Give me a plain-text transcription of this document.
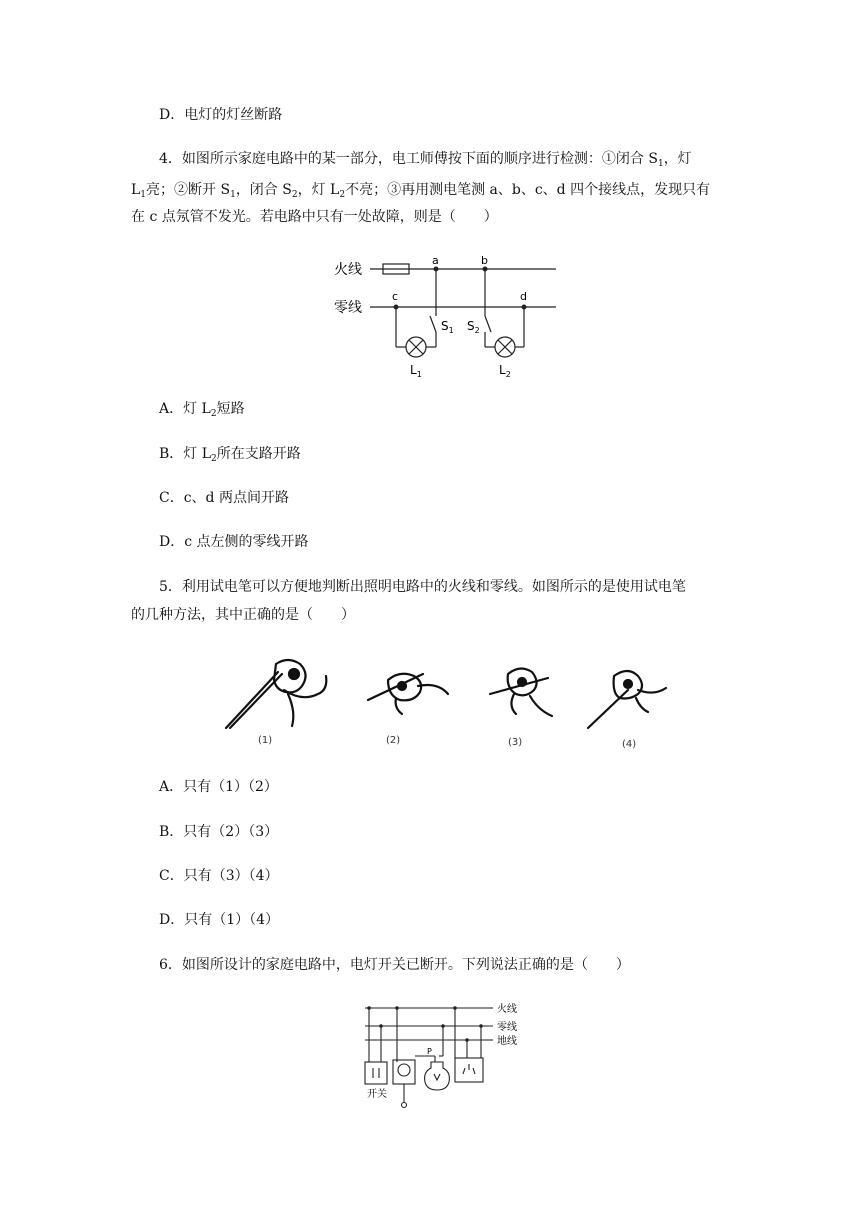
D．电灯的灯丝断路
4．如图所示家庭电路中的某一部分，电工师傅按下面的顺序进行检测：①闭合 $S_1$，灯
$L_1$亮；②断开 $S_1$，闭合 $S_2$，灯 $L_2$不亮；③再用测电笔测 a、b、c、d 四个接线点，发现只有
在 c 点氖管不发光。若电路中只有一处故障，则是（　　）
火线
零线
a	b
c	d
$S_1$ $S_2$
$L_1$	$L_2$
A．灯 $L_2$短路
B．灯 $L_2$所在支路开路
C．c、d 两点间开路
D．c 点左侧的零线开路
5．利用试电笔可以方便地判断出照明电路中的火线和零线。如图所示的是使用试电笔
的几种方法，其中正确的是（　　）
(1)	(2)	(3)	(4)
A．只有（1）（2）
B．只有（2）（3）
C．只有（3）（4）
D．只有（1）（4）
6．如图所设计的家庭电路中，电灯开关已断开。下列说法正确的是（　　）
火线
零线
地线
开关
P
